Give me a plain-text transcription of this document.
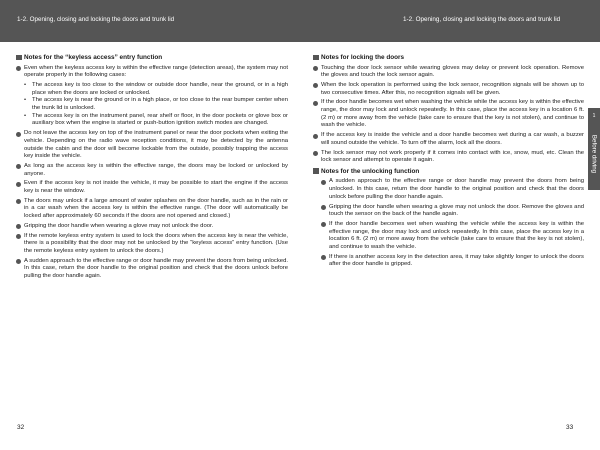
1-2. Opening, closing and locking the doors and trunk lid	1-2. Opening, closing and locking the doors and trunk lid
Notes for the “keyless access” entry function
Even when the keyless access key is within the effective range (detection areas), the system may not operate properly in the following cases:
• The access key is too close to the window or outside door handle, near the ground, or in a high place when the doors are locked or unlocked.
• The access key is near the ground or in a high place, or too close to the rear bumper center when the trunk lid is unlocked.
• The access key is on the instrument panel, rear shelf or floor, in the door pockets or glove box or auxiliary box when the engine is started or push-button ignition switch modes are changed.
Do not leave the access key on top of the instrument panel or near the door pockets when exiting the vehicle. Depending on the radio wave reception conditions, it may be detected by the antenna outside the cabin and the door will become lockable from the outside, possibly trapping the access key inside the vehicle.
As long as the access key is within the effective range, the doors may be locked or unlocked by anyone.
Even if the access key is not inside the vehicle, it may be possible to start the engine if the access key is near the window.
The doors may unlock if a large amount of water splashes on the door handle, such as in the rain or in a car wash when the access key is within the effective range. (The door will automatically be locked after approximately 60 seconds if the doors are not opened and closed.)
Gripping the door handle when wearing a glove may not unlock the door.
If the remote keyless entry system is used to lock the doors when the access key is near the vehicle, there is a possibility that the door may not be unlocked by the “keyless access” entry function. (Use the remote keyless entry system to unlock the doors.)
A sudden approach to the effective range or door handle may prevent the doors from being unlocked. In this case, return the door handle to the original position and check that the doors unlock before pulling the door handle again.
Notes for locking the doors
Touching the door lock sensor while wearing gloves may delay or prevent lock operation. Remove the gloves and touch the lock sensor again.
When the lock operation is performed using the lock sensor, recognition signals will be shown up to two consecutive times. After this, no recognition signals will be given.
If the door handle becomes wet when washing the vehicle while the access key is within the effective range, the door may lock and unlock repeatedly. In this case, place the access key in a location 6 ft. (2 m) or more away from the vehicle (take care to ensure that the key is not stolen), and continue to wash the vehicle.
If the access key is inside the vehicle and a door handle becomes wet during a car wash, a buzzer will sound outside the vehicle. To turn off the alarm, lock all the doors.
The lock sensor may not work properly if it comes into contact with ice, snow, mud, etc. Clean the lock sensor and attempt to operate it again.
Notes for the unlocking function
A sudden approach to the effective range or door handle may prevent the doors from being unlocked. In this case, return the door handle to the original position and check that the doors unlock before pulling the door handle again.
Gripping the door handle when wearing a glove may not unlock the door. Remove the gloves and touch the sensor on the back of the handle again.
If the door handle becomes wet when washing the vehicle while the access key is within the effective range, the door may lock and unlock repeatedly. In this case, place the access key in a location 6 ft. (2 m) or more away from the vehicle (take care to ensure that the key is not stolen), and continue to wash the vehicle.
If there is another access key in the detection area, it may take slightly longer to unlock the doors after the door handle is gripped.
1
Before driving
32	33
